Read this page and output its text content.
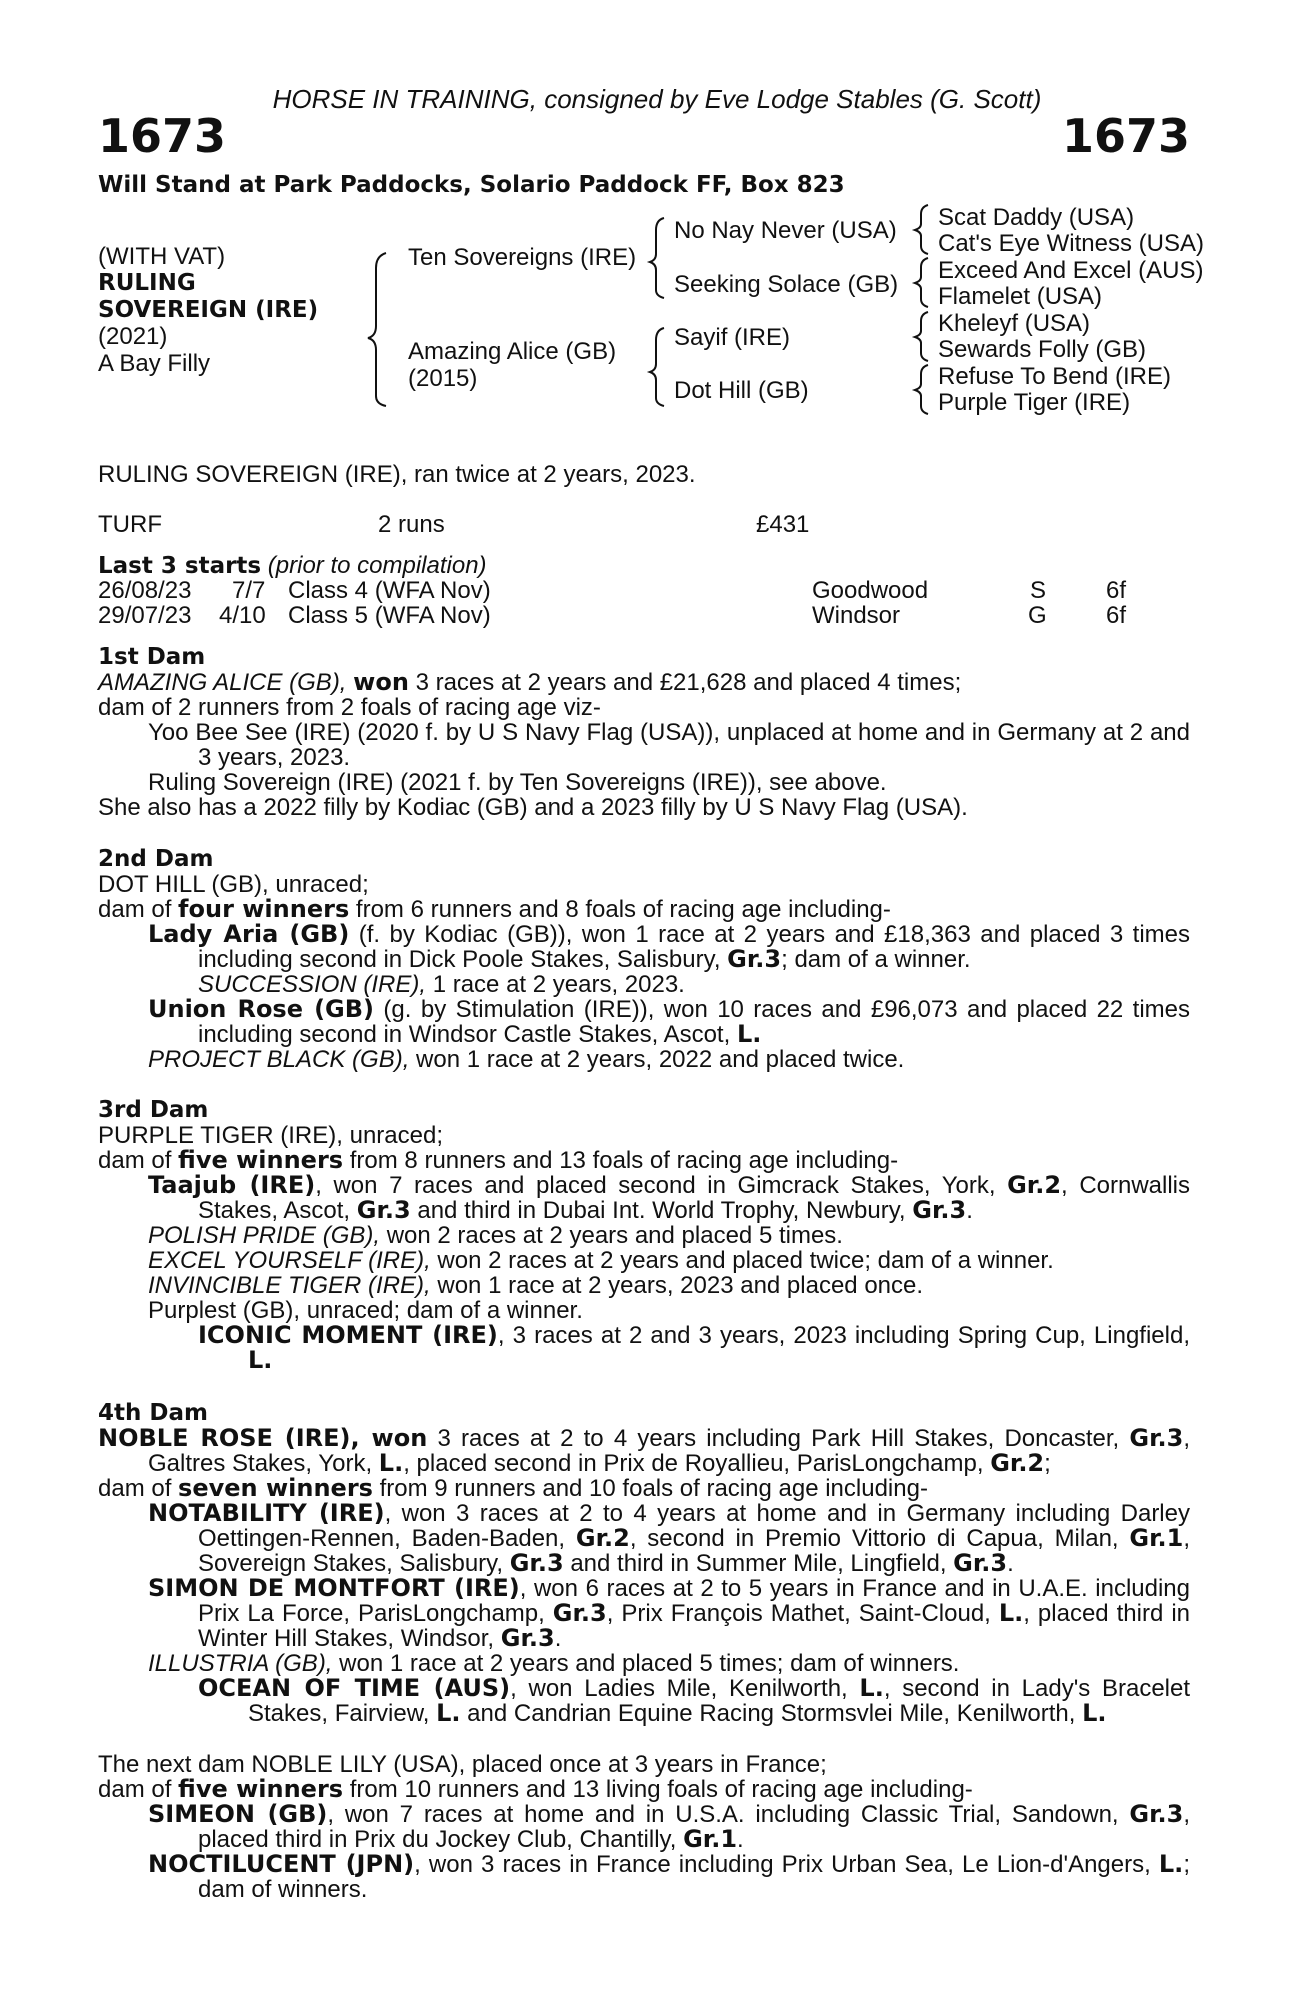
HORSE IN TRAINING, consigned by Eve Lodge Stables (G. Scott)
1673	1673
Will Stand at Park Paddocks, Solario Paddock FF, Box 823
(WITH VAT)
RULING
SOVEREIGN (IRE)
(2021)
A Bay Filly
Ten Sovereigns (IRE)
Amazing Alice (GB)
(2015)
No Nay Never (USA)
Seeking Solace (GB)
Sayif (IRE)
Dot Hill (GB)
Scat Daddy (USA)
Cat's Eye Witness (USA)
Exceed And Excel (AUS)
Flamelet (USA)
Kheleyf (USA)
Sewards Folly (GB)
Refuse To Bend (IRE)
Purple Tiger (IRE)
RULING SOVEREIGN (IRE), ran twice at 2 years, 2023.
TURF	2 runs	£431
Last 3 starts (prior to compilation)
26/08/23 7/7 Class 4 (WFA Nov)	Goodwood	S 6f
29/07/23 4/10 Class 5 (WFA Nov)	Windsor	G 6f

1st Dam

AMAZING ALICE (GB), won 3 races at 2 years and £21,628 and placed 4 times;

dam of 2 runners from 2 foals of racing age viz-

Yoo Bee See (IRE) (2020 f. by U S Navy Flag (USA)), unplaced at home and in Germany at 2 and 3 years, 2023.

Ruling Sovereign (IRE) (2021 f. by Ten Sovereigns (IRE)), see above.

She also has a 2022 filly by Kodiac (GB) and a 2023 filly by U S Navy Flag (USA).

2nd Dam

DOT HILL (GB), unraced;

dam of four winners from 6 runners and 8 foals of racing age including-

Lady Aria (GB) (f. by Kodiac (GB)), won 1 race at 2 years and £18,363 and placed 3 times including second in Dick Poole Stakes, Salisbury, Gr.3; dam of a winner.

SUCCESSION (IRE), 1 race at 2 years, 2023.

Union Rose (GB) (g. by Stimulation (IRE)), won 10 races and £96,073 and placed 22 times including second in Windsor Castle Stakes, Ascot, L.

PROJECT BLACK (GB), won 1 race at 2 years, 2022 and placed twice.

3rd Dam

PURPLE TIGER (IRE), unraced;

dam of five winners from 8 runners and 13 foals of racing age including-

Taajub (IRE), won 7 races and placed second in Gimcrack Stakes, York, Gr.2, Cornwallis Stakes, Ascot, Gr.3 and third in Dubai Int. World Trophy, Newbury, Gr.3.

POLISH PRIDE (GB), won 2 races at 2 years and placed 5 times.

EXCEL YOURSELF (IRE), won 2 races at 2 years and placed twice; dam of a winner.

INVINCIBLE TIGER (IRE), won 1 race at 2 years, 2023 and placed once.

Purplest (GB), unraced; dam of a winner.

ICONIC MOMENT (IRE), 3 races at 2 and 3 years, 2023 including Spring Cup, Lingfield, L.

4th Dam

NOBLE ROSE (IRE), won 3 races at 2 to 4 years including Park Hill Stakes, Doncaster, Gr.3, Galtres Stakes, York, L., placed second in Prix de Royallieu, ParisLongchamp, Gr.2;

dam of seven winners from 9 runners and 10 foals of racing age including-

NOTABILITY (IRE), won 3 races at 2 to 4 years at home and in Germany including Darley Oettingen-Rennen, Baden-Baden, Gr.2, second in Premio Vittorio di Capua, Milan, Gr.1, Sovereign Stakes, Salisbury, Gr.3 and third in Summer Mile, Lingfield, Gr.3.

SIMON DE MONTFORT (IRE), won 6 races at 2 to 5 years in France and in U.A.E. including Prix La Force, ParisLongchamp, Gr.3, Prix François Mathet, Saint-Cloud, L., placed third in Winter Hill Stakes, Windsor, Gr.3.

ILLUSTRIA (GB), won 1 race at 2 years and placed 5 times; dam of winners.

OCEAN OF TIME (AUS), won Ladies Mile, Kenilworth, L., second in Lady's Bracelet Stakes, Fairview, L. and Candrian Equine Racing Stormsvlei Mile, Kenilworth, L.

The next dam NOBLE LILY (USA), placed once at 3 years in France;

dam of five winners from 10 runners and 13 living foals of racing age including-

SIMEON (GB), won 7 races at home and in U.S.A. including Classic Trial, Sandown, Gr.3, placed third in Prix du Jockey Club, Chantilly, Gr.1.

NOCTILUCENT (JPN), won 3 races in France including Prix Urban Sea, Le Lion-d'Angers, L.; dam of winners.
